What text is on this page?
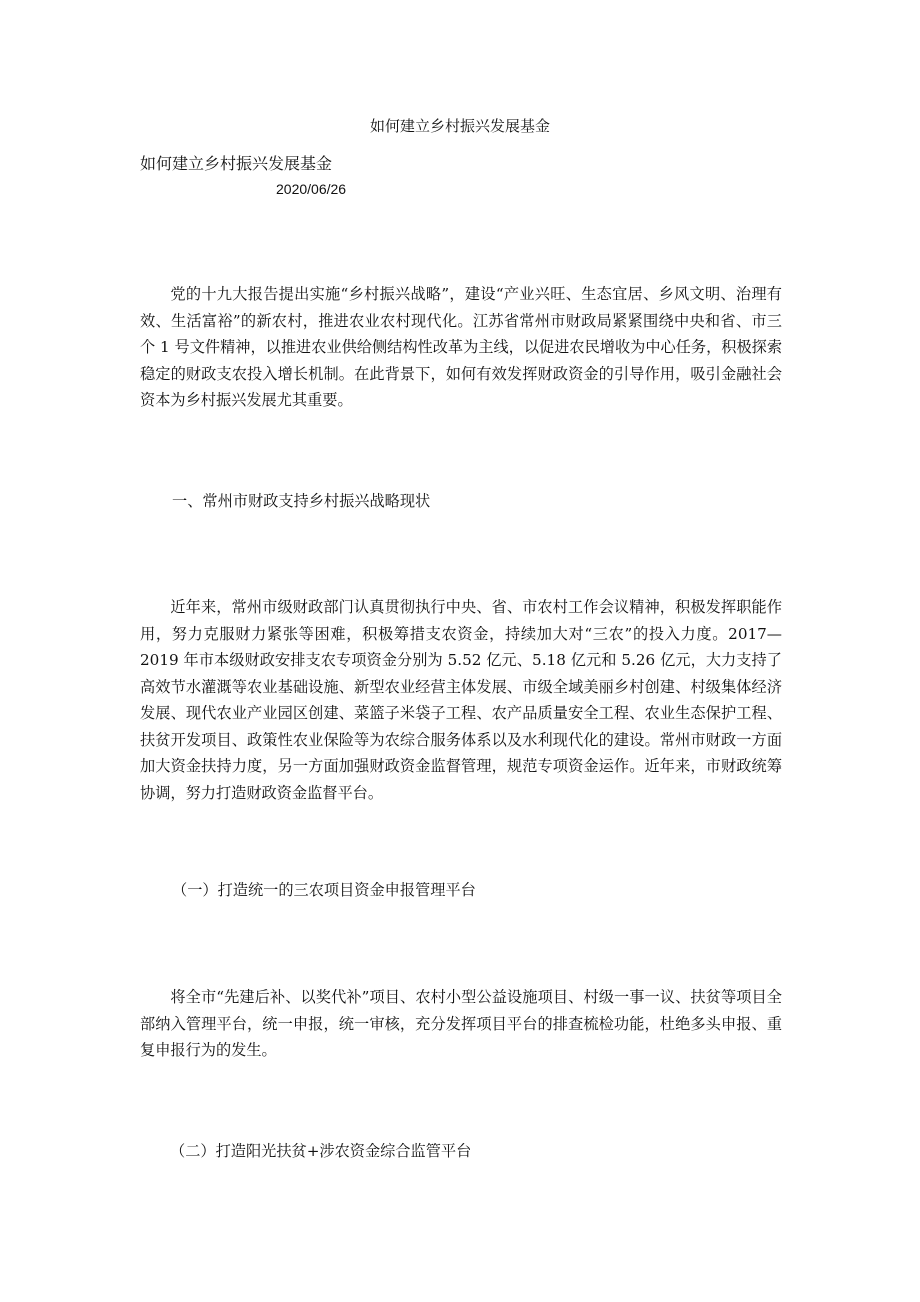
如何建立乡村振兴发展基金
如何建立乡村振兴发展基金
2020/06/26

党的十九大报告提出实施“乡村振兴战略”，建设“产业兴旺、生态宜居、乡风文明、治理有效、生活富裕”的新农村，推进农业农村现代化。江苏省常州市财政局紧紧围绕中央和省、市三个 1 号文件精神，以推进农业供给侧结构性改革为主线，以促进农民增收为中心任务，积极探索稳定的财政支农投入增长机制。在此背景下，如何有效发挥财政资金的引导作用，吸引金融社会资本为乡村振兴发展尤其重要。

一、常州市财政支持乡村振兴战略现状

近年来，常州市级财政部门认真贯彻执行中央、省、市农村工作会议精神，积极发挥职能作用，努力克服财力紧张等困难，积极筹措支农资金，持续加大对“三农”的投入力度。2017—2019 年市本级财政安排支农专项资金分别为 5.52 亿元、5.18 亿元和 5.26 亿元，大力支持了高效节水灌溉等农业基础设施、新型农业经营主体发展、市级全域美丽乡村创建、村级集体经济发展、现代农业产业园区创建、菜篮子米袋子工程、农产品质量安全工程、农业生态保护工程、扶贫开发项目、政策性农业保险等为农综合服务体系以及水利现代化的建设。常州市财政一方面加大资金扶持力度，另一方面加强财政资金监督管理，规范专项资金运作。近年来，市财政统筹协调，努力打造财政资金监督平台。

（一）打造统一的三农项目资金申报管理平台

将全市“先建后补、以奖代补”项目、农村小型公益设施项目、村级一事一议、扶贫等项目全部纳入管理平台，统一申报，统一审核，充分发挥项目平台的排查梳检功能，杜绝多头申报、重复申报行为的发生。

（二）打造阳光扶贫+涉农资金综合监管平台
